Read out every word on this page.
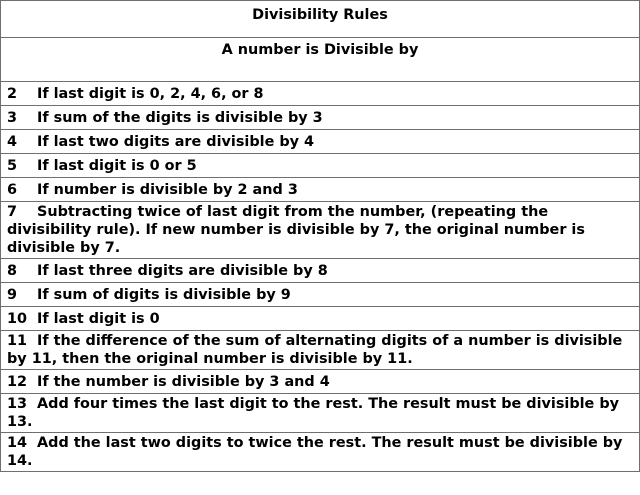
Divisibility Rules
A number is Divisible by
2 If last digit is 0, 2, 4, 6, or 8
3 If sum of the digits is divisible by 3
4 If last two digits are divisible by 4
5 If last digit is 0 or 5
6 If number is divisible by 2 and 3
7 Subtracting twice of last digit from the number, (repeating the divisibility rule). If new number is divisible by 7, the original number is divisible by 7.
8 If last three digits are divisible by 8
9 If sum of digits is divisible by 9
10 If last digit is 0
11 If the difference of the sum of alternating digits of a number is divisible by 11, then the original number is divisible by 11.
12 If the number is divisible by 3 and 4
13 Add four times the last digit to the rest. The result must be divisible by 13.
14 Add the last two digits to twice the rest. The result must be divisible by 14.
